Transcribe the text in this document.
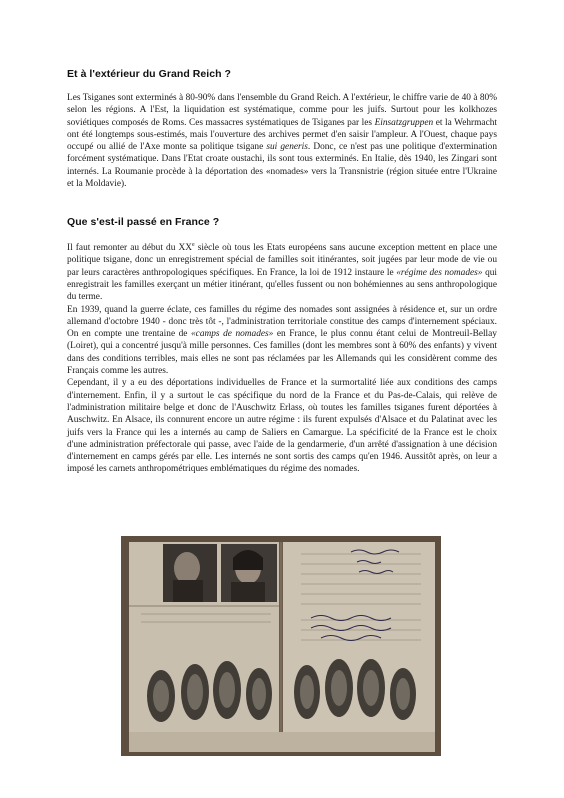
Et à l'extérieur du Grand Reich ?

Les Tsiganes sont exterminés à 80-90% dans l'ensemble du Grand Reich. A l'extérieur, le chiffre varie de 40 à 80% selon les régions. A l'Est, la liquidation est systématique, comme pour les juifs. Surtout pour les kolkhozes soviétiques composés de Roms. Ces massacres systématiques de Tsiganes par les Einsatzgruppen et la Wehrmacht ont été longtemps sous-estimés, mais l'ouverture des archives permet d'en saisir l'ampleur. A l'Ouest, chaque pays occupé ou allié de l'Axe monte sa politique tsigane sui generis. Donc, ce n'est pas une politique d'extermination forcément systématique. Dans l'Etat croate oustachi, ils sont tous exterminés. En Italie, dès 1940, les Zingari sont internés. La Roumanie procède à la déportation des «nomades» vers la Transnistrie (région située entre l'Ukraine et la Moldavie).

Que s'est-il passé en France ?

Il faut remonter au début du XXe siècle où tous les Etats européens sans aucune exception mettent en place une politique tsigane, donc un enregistrement spécial de familles soit itinérantes, soit jugées par leur mode de vie ou par leurs caractères anthropologiques spécifiques. En France, la loi de 1912 instaure le «régime des nomades» qui enregistrait les familles exerçant un métier itinérant, qu'elles fussent ou non bohémiennes au sens anthropologique du terme.

En 1939, quand la guerre éclate, ces familles du régime des nomades sont assignées à résidence et, sur un ordre allemand d'octobre 1940 - donc très tôt -, l'administration territoriale constitue des camps d'internement spéciaux. On en compte une trentaine de «camps de nomades» en France, le plus connu étant celui de Montreuil-Bellay (Loiret), qui a concentré jusqu'à mille personnes. Ces familles (dont les membres sont à 60% des enfants) y vivent dans des conditions terribles, mais elles ne sont pas réclamées par les Allemands qui les considèrent comme des Français comme les autres.

Cependant, il y a eu des déportations individuelles de France et la surmortalité liée aux conditions des camps d'internement. Enfin, il y a surtout le cas spécifique du nord de la France et du Pas-de-Calais, qui relève de l'administration militaire belge et donc de l'Auschwitz Erlass, où toutes les familles tsiganes furent déportées à Auschwitz. En Alsace, ils connurent encore un autre régime : ils furent expulsés d'Alsace et du Palatinat avec les juifs vers la France qui les a internés au camp de Saliers en Camargue. La spécificité de la France est le choix d'une administration préfectorale qui passe, avec l'aide de la gendarmerie, d'un arrêté d'assignation à une décision d'internement en camps gérés par elle. Les internés ne sont sortis des camps qu'en 1946. Aussitôt après, on leur a imposé les carnets anthropométriques emblématiques du régime des nomades.
